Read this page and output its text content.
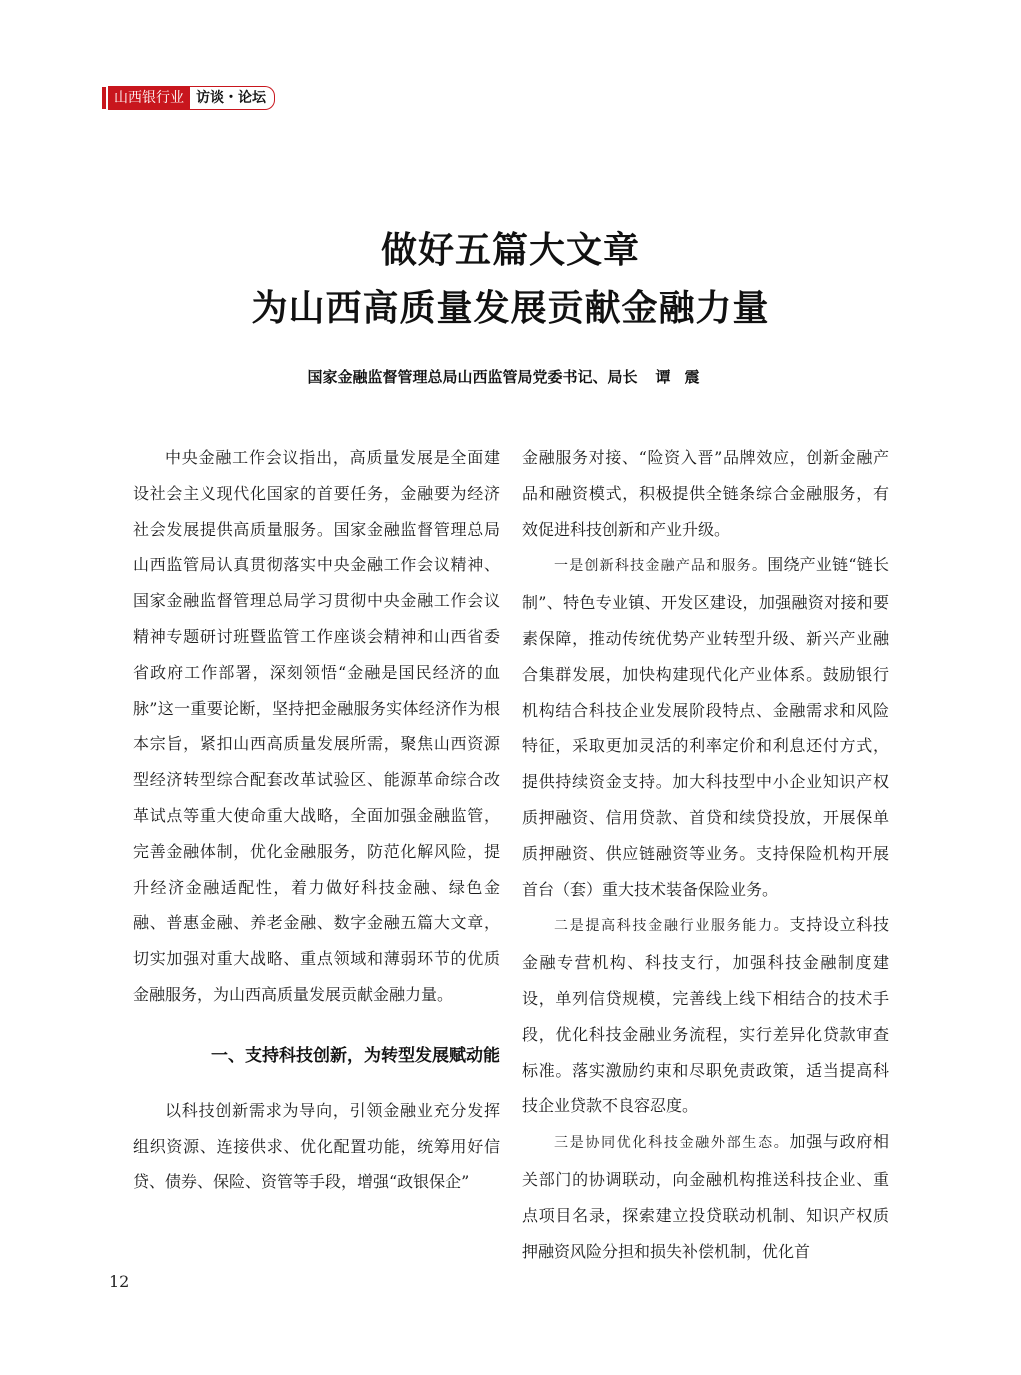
山西银行业 访谈・论坛
做好五篇大文章
为山西高质量发展贡献金融力量
国家金融监督管理总局山西监管局党委书记、局长 谭震

中央金融工作会议指出，高质量发展是全面建设社会主义现代化国家的首要任务，金融要为经济社会发展提供高质量服务。国家金融监督管理总局山西监管局认真贯彻落实中央金融工作会议精神、国家金融监督管理总局学习贯彻中央金融工作会议精神专题研讨班暨监管工作座谈会精神和山西省委省政府工作部署，深刻领悟“金融是国民经济的血脉”这一重要论断，坚持把金融服务实体经济作为根本宗旨，紧扣山西高质量发展所需，聚焦山西资源型经济转型综合配套改革试验区、能源革命综合改革试点等重大使命重大战略，全面加强金融监管，完善金融体制，优化金融服务，防范化解风险，提升经济金融适配性，着力做好科技金融、绿色金融、普惠金融、养老金融、数字金融五篇大文章，切实加强对重大战略、重点领域和薄弱环节的优质金融服务，为山西高质量发展贡献金融力量。

一、支持科技创新，为转型发展赋动能

以科技创新需求为导向，引领金融业充分发挥组织资源、连接供求、优化配置功能，统筹用好信贷、债券、保险、资管等手段，增强“政银保企”

金融服务对接、“险资入晋”品牌效应，创新金融产品和融资模式，积极提供全链条综合金融服务，有效促进科技创新和产业升级。

一是创新科技金融产品和服务。围绕产业链“链长制”、特色专业镇、开发区建设，加强融资对接和要素保障，推动传统优势产业转型升级、新兴产业融合集群发展，加快构建现代化产业体系。鼓励银行机构结合科技企业发展阶段特点、金融需求和风险特征，采取更加灵活的利率定价和利息还付方式，提供持续资金支持。加大科技型中小企业知识产权质押融资、信用贷款、首贷和续贷投放，开展保单质押融资、供应链融资等业务。支持保险机构开展首台（套）重大技术装备保险业务。

二是提高科技金融行业服务能力。支持设立科技金融专营机构、科技支行，加强科技金融制度建设，单列信贷规模，完善线上线下相结合的技术手段，优化科技金融业务流程，实行差异化贷款审查标准。落实激励约束和尽职免责政策，适当提高科技企业贷款不良容忍度。

三是协同优化科技金融外部生态。加强与政府相关部门的协调联动，向金融机构推送科技企业、重点项目名录，探索建立投贷联动机制、知识产权质押融资风险分担和损失补偿机制，优化首

12
